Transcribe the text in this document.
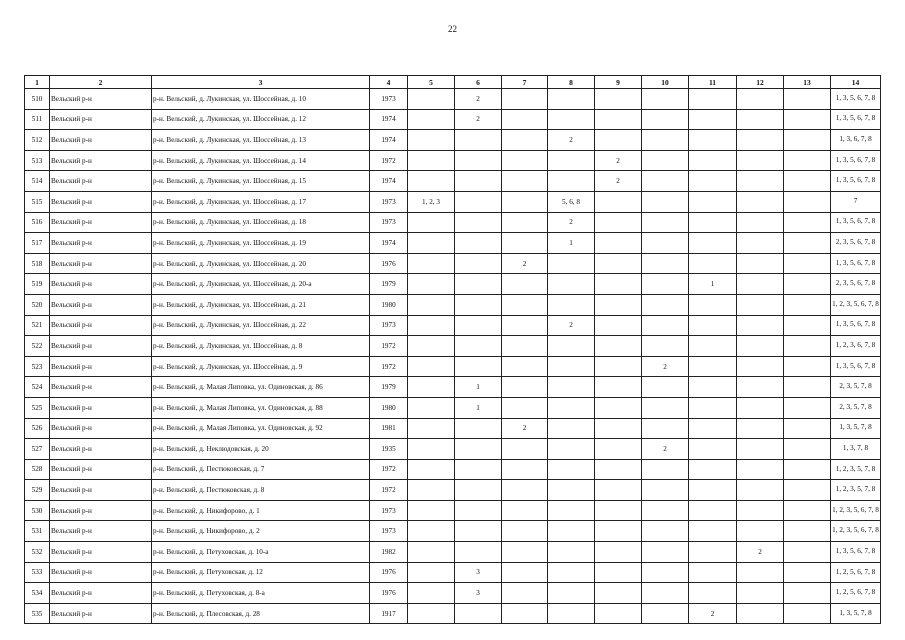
22
1	2	3	4	5	6	7	8	9	10	11	12	13	14
510	Вельский р-н	р-н. Вельский, д. Лукинская, ул. Шоссейная, д. 10	1973		2								1, 3, 5, 6, 7, 8
511	Вельский р-н	р-н. Вельский, д. Лукинская, ул. Шоссейная, д. 12	1974		2								1, 3, 5, 6, 7, 8
512	Вельский р-н	р-н. Вельский, д. Лукинская, ул. Шоссейная, д. 13	1974				2						1, 3, 6, 7, 8
513	Вельский р-н	р-н. Вельский, д. Лукинская, ул. Шоссейная, д. 14	1972					2					1, 3, 5, 6, 7, 8
514	Вельский р-н	р-н. Вельский, д. Лукинская, ул. Шоссейная, д. 15	1974					2					1, 3, 5, 6, 7, 8
515	Вельский р-н	р-н. Вельский, д. Лукинская, ул. Шоссейная, д. 17	1973	1, 2, 3			5, 6, 8						7
516	Вельский р-н	р-н. Вельский, д. Лукинская, ул. Шоссейная, д. 18	1973				2						1, 3, 5, 6, 7, 8
517	Вельский р-н	р-н. Вельский, д. Лукинская, ул. Шоссейная, д. 19	1974				1						2, 3, 5, 6, 7, 8
518	Вельский р-н	р-н. Вельский, д. Лукинская, ул. Шоссейная, д. 20	1976			2							1, 3, 5, 6, 7, 8
519	Вельский р-н	р-н. Вельский, д. Лукинская, ул. Шоссейная, д. 20-а	1979							1			2, 3, 5, 6, 7, 8
520	Вельский р-н	р-н. Вельский, д. Лукинская, ул. Шоссейная, д. 21	1980										1, 2, 3, 5, 6, 7, 8
521	Вельский р-н	р-н. Вельский, д. Лукинская, ул. Шоссейная, д. 22	1973				2						1, 3, 5, 6, 7, 8
522	Вельский р-н	р-н. Вельский, д. Лукинская, ул. Шоссейная, д. 8	1972										1, 2, 3, 6, 7, 8
523	Вельский р-н	р-н. Вельский, д. Лукинская, ул. Шоссейная, д. 9	1972						2				1, 3, 5, 6, 7, 8
524	Вельский р-н	р-н. Вельский, д. Малая Липовка, ул. Одиновская, д. 86	1979		1								2, 3, 5, 7, 8
525	Вельский р-н	р-н. Вельский, д. Малая Липовка, ул. Одиновская, д. 88	1980		1								2, 3, 5, 7, 8
526	Вельский р-н	р-н. Вельский, д. Малая Липовка, ул. Одиновская, д. 92	1981			2							1, 3, 5, 7, 8
527	Вельский р-н	р-н. Вельский, д. Неклюдовская, д. 20	1935						2				1, 3, 7, 8
528	Вельский р-н	р-н. Вельский, д. Пестюковская, д. 7	1972										1, 2, 3, 5, 7, 8
529	Вельский р-н	р-н. Вельский, д. Пестюковская, д. 8	1972										1, 2, 3, 5, 7, 8
530	Вельский р-н	р-н. Вельский, д. Никифорово, д. 1	1973										1, 2, 3, 5, 6, 7, 8
531	Вельский р-н	р-н. Вельский, д. Никифорово, д. 2	1973										1, 2, 3, 5, 6, 7, 8
532	Вельский р-н	р-н. Вельский, д. Петуховская, д. 10-а	1982								2		1, 3, 5, 6, 7, 8
533	Вельский р-н	р-н. Вельский, д. Петуховская, д. 12	1976		3								1, 2, 5, 6, 7, 8
534	Вельский р-н	р-н. Вельский, д. Петуховская, д. 8-а	1976		3								1, 2, 5, 6, 7, 8
535	Вельский р-н	р-н. Вельский, д. Плесовская, д. 28	1917							2			1, 3, 5, 7, 8
